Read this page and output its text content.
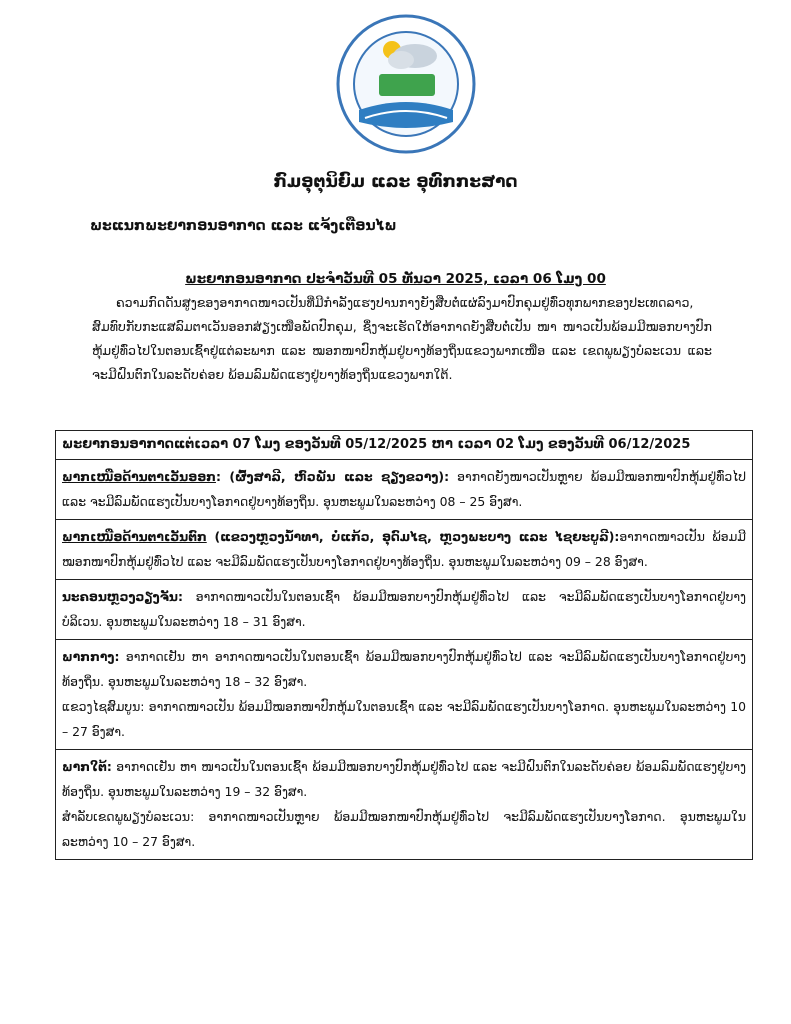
ກົມອຸຕຸນິຍົມ ແລະ ອຸທົກກະສາດ
ພະແນກພະຍາກອນອາກາດ ແລະ ແຈ້ງເຕືອນໄພ
ພະຍາກອນອາກາດ ປະຈຳວັນທີ 05 ທັນວາ 2025, ເວລາ 06 ໂມງ 00
ຄວາມກົດດັນສູງຂອງອາກາດໜາວເປັນທີ່ມີກຳລັງແຮງປານກາງຍັງສືບຕໍ່ແຜ່ລົງມາປົກຄຸມຢູ່ທົ່ວທຸກພາກຂອງປະເທດລາວ, ສົມທົບກັບກະແສລົມຕາເວັນອອກສ່ຽງເໜືອພັດປົກຄຸມ, ຊຶ່ງຈະເຮັດໃຫ້ອາກາດຍັງສືບຕໍ່ເປັນ ໜາ ໜາວເປັນພ້ອມມີໝອກບາງປົກຫຸ້ມຢູ່ທົ່ວໄປໃນຕອນເຊົ້າຢູ່ແຕ່ລະພາກ ແລະ ໝອກໜາປົກຫຸ້ມຢູ່ບາງທ້ອງຖິ່ນແຂວງພາກເໜືອ ແລະ ເຂດພູພຽງບໍລະເວນ ແລະ ຈະມີຝົນຕົກໃນລະດັບຄ່ອຍ ພ້ອມລົມພັດແຮງຢູ່ບາງທ້ອງຖິ່ນແຂວງພາກໃຕ້.
ພະຍາກອນອາກາດແຕ່ເວລາ 07 ໂມງ ຂອງວັນທີ 05/12/2025 ຫາ ເວລາ 02 ໂມງ ຂອງວັນທີ 06/12/2025

ພາກເໜືອດ້ານຕາເວັນອອກ: (ຜົ້ງສາລີ, ຫົວພັນ ແລະ ຊຽງຂວາງ): ອາກາດຍັງໜາວເປັນຫຼາຍ ພ້ອມມີໝອກໜາປົກຫຸ້ມຢູ່ທົ່ວໄປ ແລະ ຈະມີລົມພັດແຮງເປັນບາງໂອກາດຢູ່ບາງທ້ອງຖິ່ນ. ອຸນຫະພູມໃນລະຫວ່າງ 08 – 25 ອົງສາ.

ພາກເໜືອດ້ານຕາເວັນຕົກ (ແຂວງຫຼວງນ້ຳທາ, ບໍ່ແກ້ວ, ອຸດົມໄຊ, ຫຼວງພະບາງ ແລະ ໄຊຍະບູລີ):ອາກາດໜາວເປັນ ພ້ອມມີໝອກໜາປົກຫຸ້ມຢູ່ທົ່ວໄປ ແລະ ຈະມີລົມພັດແຮງເປັນບາງໂອກາດຢູ່ບາງທ້ອງຖິ່ນ. ອຸນຫະພູມໃນລະຫວ່າງ 09 – 28 ອົງສາ.

ນະຄອນຫຼວງວຽງຈັນ: ອາກາດໜາວເປັນໃນຕອນເຊົ້າ ພ້ອມມີໝອກບາງປົກຫຸ້ມຢູ່ທົ່ວໄປ ແລະ ຈະມີລົມພັດແຮງເປັນບາງໂອກາດຢູ່ບາງບໍລິເວນ. ອຸນຫະພູມໃນລະຫວ່າງ 18 – 31 ອົງສາ.

ພາກກາງ: ອາກາດເຢັນ ຫາ ອາກາດໜາວເປັນໃນຕອນເຊົ້າ ພ້ອມມີໝອກບາງປົກຫຸ້ມຢູ່ທົ່ວໄປ ແລະ ຈະມີລົມພັດແຮງເປັນບາງໂອກາດຢູ່ບາງທ້ອງຖິ່ນ. ອຸນຫະພູມໃນລະຫວ່າງ 18 – 32 ອົງສາ.

ແຂວງໄຊສົມບູນ: ອາກາດໜາວເປັນ ພ້ອມມີໝອກໜາປົກຫຸ້ມໃນຕອນເຊົ້າ ແລະ ຈະມີລົມພັດແຮງເປັນບາງໂອກາດ. ອຸນຫະພູມໃນລະຫວ່າງ 10 – 27 ອົງສາ.

ພາກໃຕ້: ອາກາດເຢັນ ຫາ ໜາວເປັນໃນຕອນເຊົ້າ ພ້ອມມີໝອກບາງປົກຫຸ້ມຢູ່ທົ່ວໄປ ແລະ ຈະມີຝົນຕົກໃນລະດັບຄ່ອຍ ພ້ອມລົມພັດແຮງຢູ່ບາງທ້ອງຖິ່ນ. ອຸນຫະພູມໃນລະຫວ່າງ 19 – 32 ອົງສາ.

ສຳລັບເຂດພູພຽງບໍລະເວນ: ອາກາດໜາວເປັນຫຼາຍ ພ້ອມມີໝອກໜາປົກຫຸ້ມຢູ່ທົ່ວໄປ ຈະມີລົມພັດແຮງເປັນບາງໂອກາດ. ອຸນຫະພູມໃນລະຫວ່າງ 10 – 27 ອົງສາ.
